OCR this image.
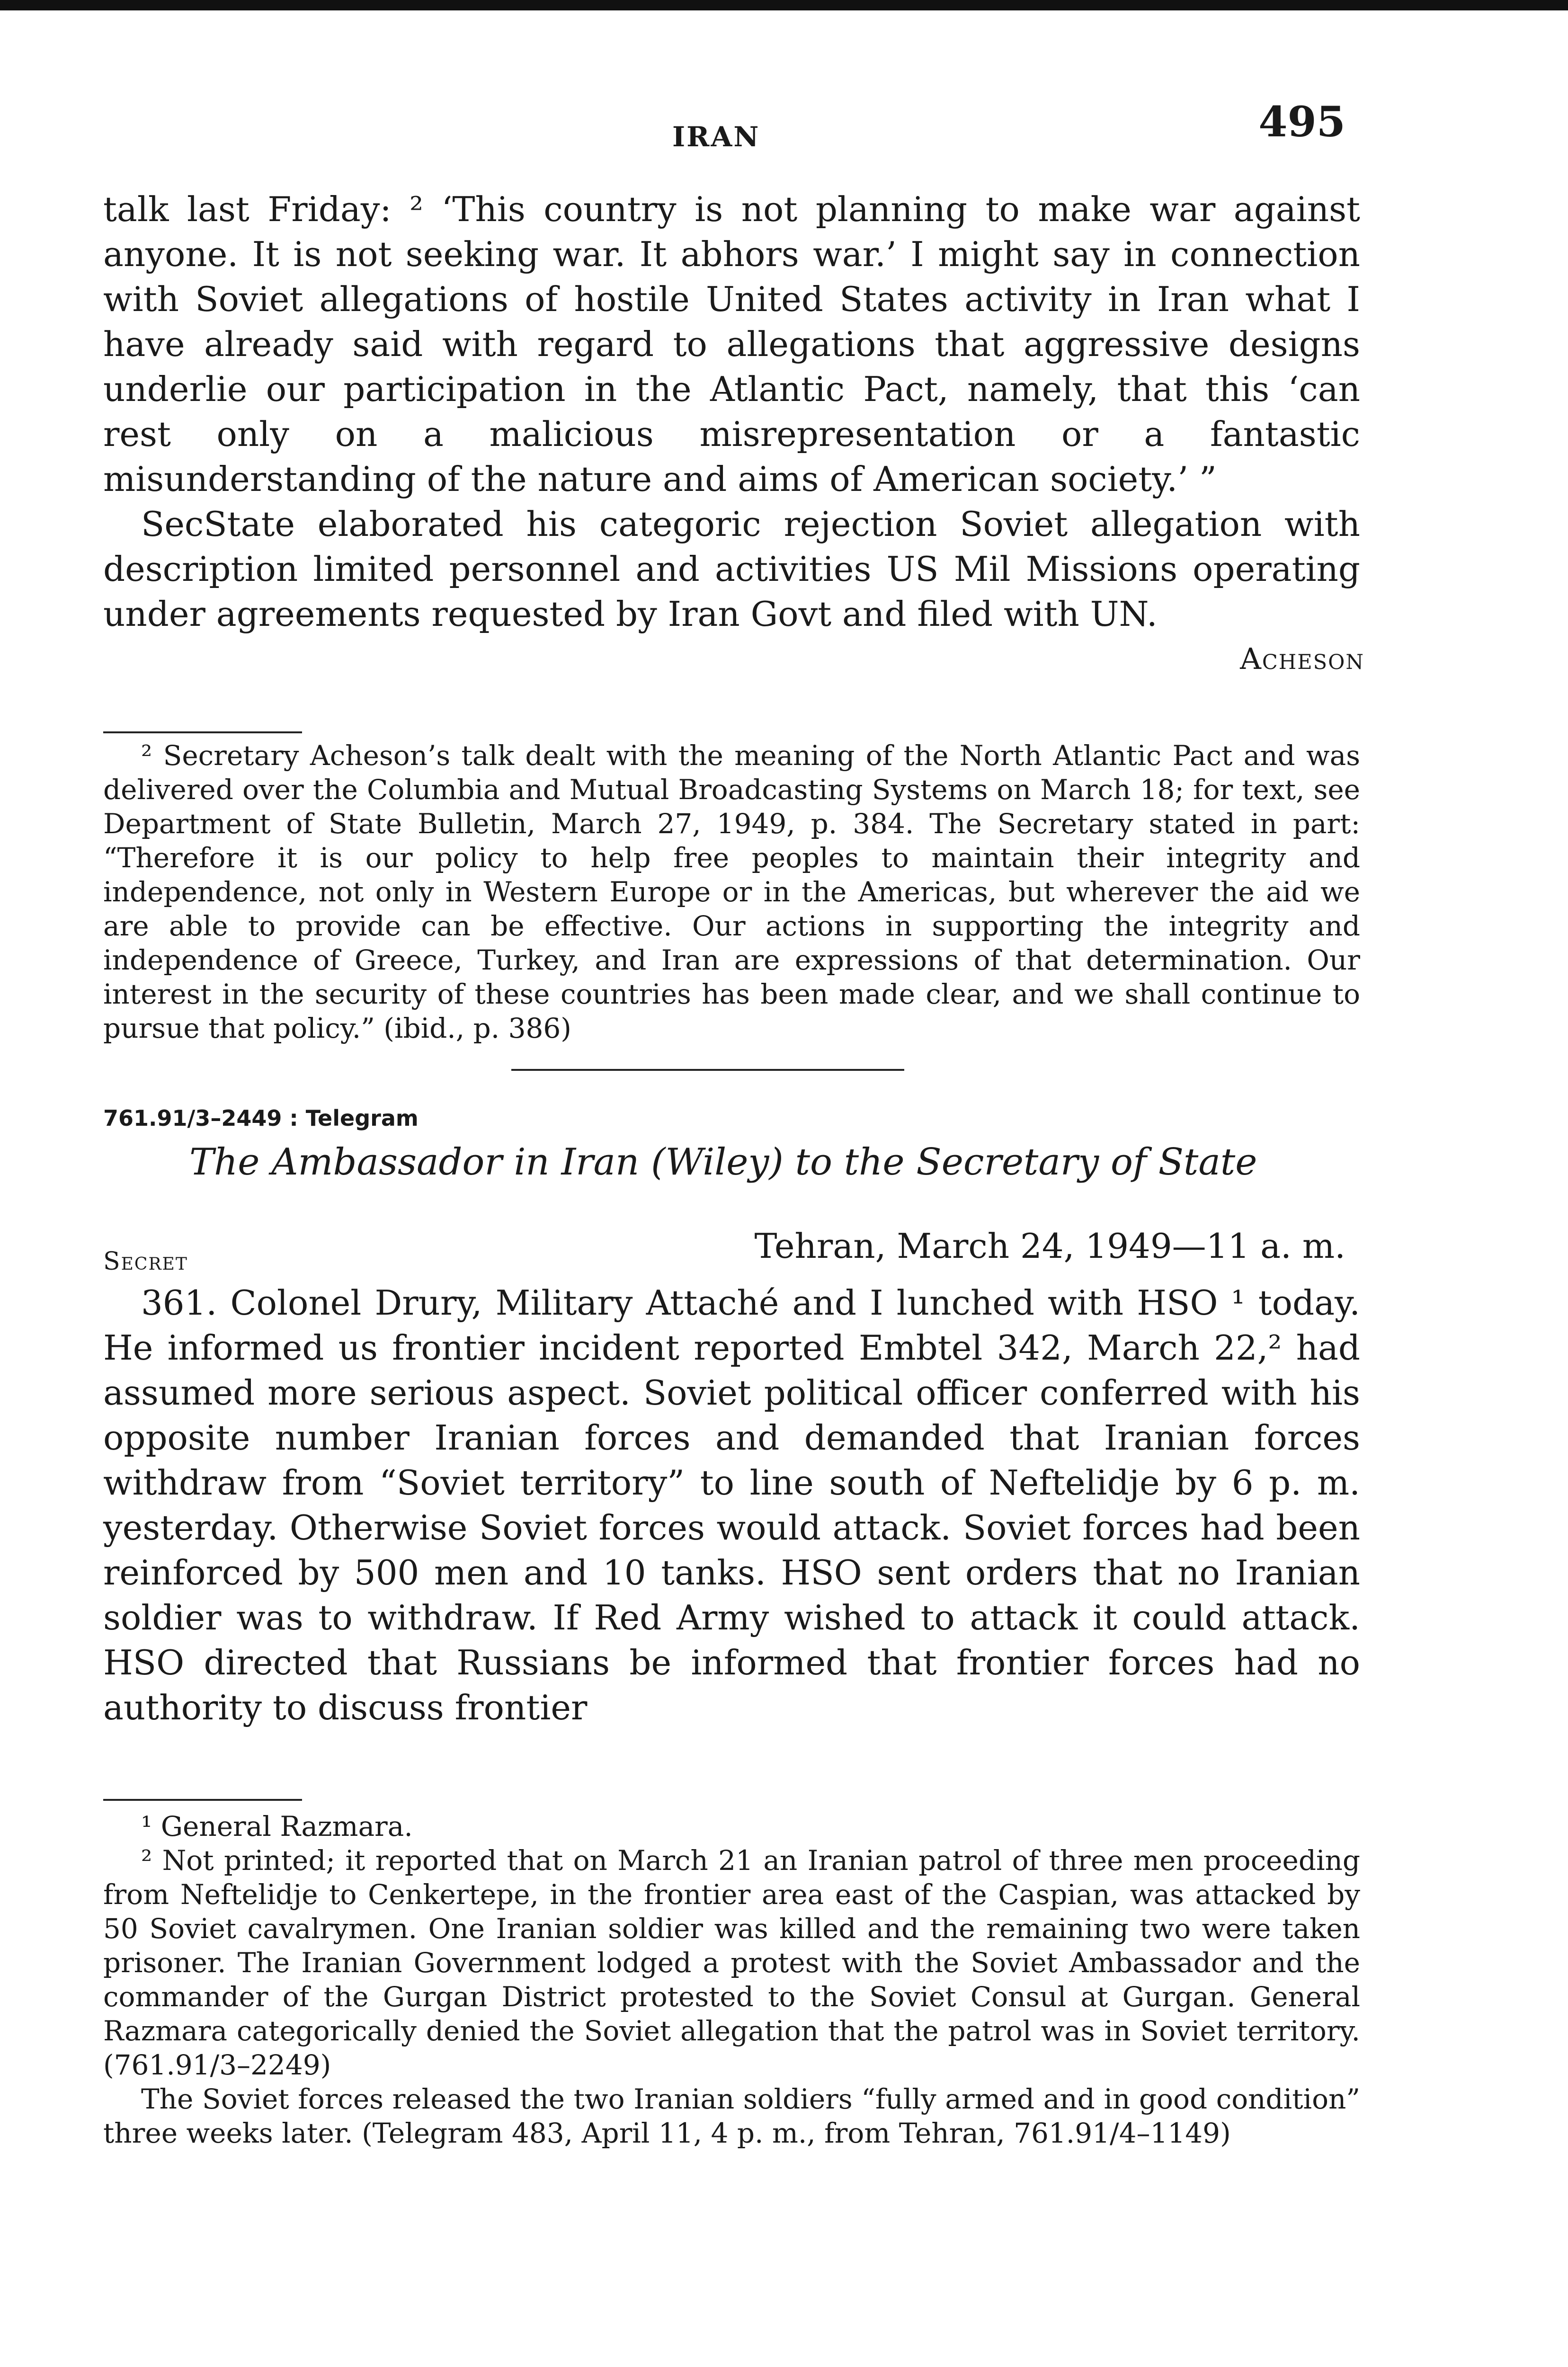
IRAN	495
talk last Friday: ² ‘This country is not planning to make war against anyone. It is not seeking war. It abhors war.’ I might say in connection with Soviet allegations of hostile United States activity in Iran what I have already said with regard to allegations that aggressive designs underlie our participation in the Atlantic Pact, namely, that this ‘can rest only on a malicious misrepresentation or a fantastic misunderstanding of the nature and aims of American society.’ ”
SecState elaborated his categoric rejection Soviet allegation with description limited personnel and activities US Mil Missions operating under agreements requested by Iran Govt and filed with UN.
Acheson
² Secretary Acheson’s talk dealt with the meaning of the North Atlantic Pact and was delivered over the Columbia and Mutual Broadcasting Systems on March 18; for text, see Department of State Bulletin, March 27, 1949, p. 384. The Secretary stated in part: “Therefore it is our policy to help free peoples to maintain their integrity and independence, not only in Western Europe or in the Americas, but wherever the aid we are able to provide can be effective. Our actions in supporting the integrity and independence of Greece, Turkey, and Iran are expressions of that determination. Our interest in the security of these countries has been made clear, and we shall continue to pursue that policy.” (ibid., p. 386)
761.91/3–2449 : Telegram
The Ambassador in Iran (Wiley) to the Secretary of State
Secret	Tehran, March 24, 1949—11 a. m.
361. Colonel Drury, Military Attaché and I lunched with HSO ¹ today. He informed us frontier incident reported Embtel 342, March 22,² had assumed more serious aspect. Soviet political officer conferred with his opposite number Iranian forces and demanded that Iranian forces withdraw from “Soviet territory” to line south of Neftelidje by 6 p. m. yesterday. Otherwise Soviet forces would attack. Soviet forces had been reinforced by 500 men and 10 tanks. HSO sent orders that no Iranian soldier was to withdraw. If Red Army wished to attack it could attack. HSO directed that Russians be informed that frontier forces had no authority to discuss frontier
¹ General Razmara.
² Not printed; it reported that on March 21 an Iranian patrol of three men proceeding from Neftelidje to Cenkertepe, in the frontier area east of the Caspian, was attacked by 50 Soviet cavalrymen. One Iranian soldier was killed and the remaining two were taken prisoner. The Iranian Government lodged a protest with the Soviet Ambassador and the commander of the Gurgan District protested to the Soviet Consul at Gurgan. General Razmara categorically denied the Soviet allegation that the patrol was in Soviet territory. (761.91/3–2249)
The Soviet forces released the two Iranian soldiers “fully armed and in good condition” three weeks later. (Telegram 483, April 11, 4 p. m., from Tehran, 761.91/4–1149)
